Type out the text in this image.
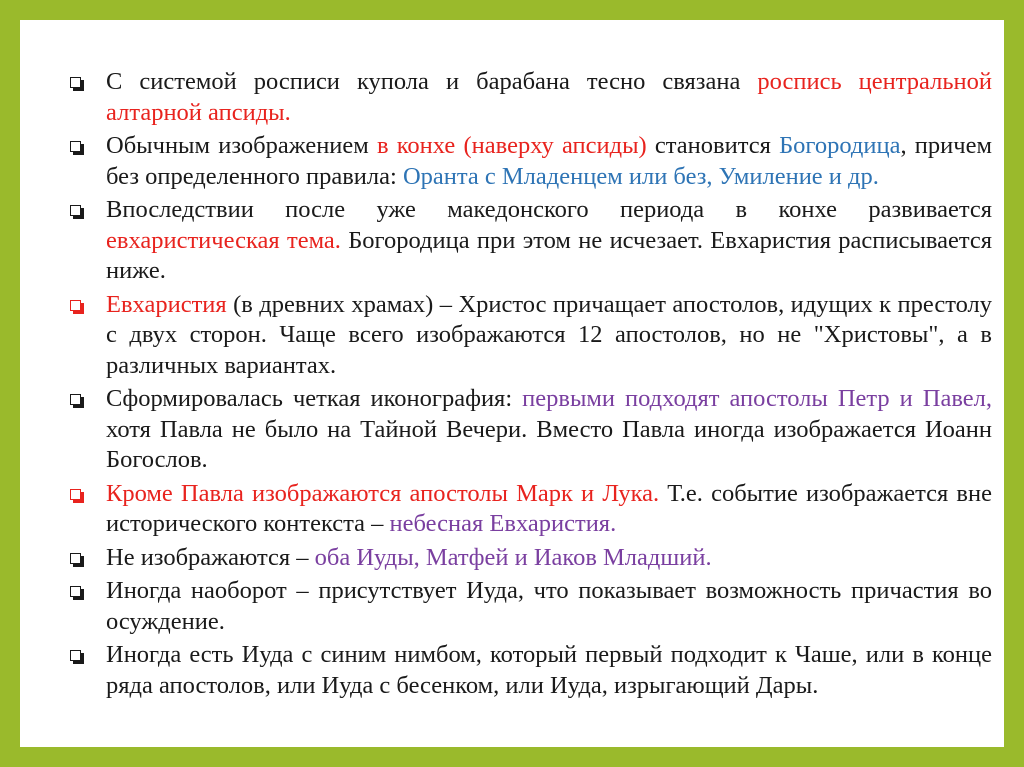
С системой росписи купола и барабана тесно связана роспись центральной алтарной апсиды.
Обычным изображением в конхе (наверху апсиды) становится Богородица, причем без определенного правила: Оранта с Младенцем или без, Умиление и др.
Впоследствии после уже македонского периода в конхе развивается евхаристическая тема. Богородица при этом не исчезает. Евхаристия расписывается ниже.
Евхаристия (в древних храмах) – Христос причащает апостолов, идущих к престолу с двух сторон. Чаще всего изображаются 12 апостолов, но не "Христовы", а в различных вариантах.
Сформировалась четкая иконография: первыми подходят апостолы Петр и Павел, хотя Павла не было на Тайной Вечери. Вместо Павла иногда изображается Иоанн Богослов.
Кроме Павла изображаются апостолы Марк и Лука. Т.е. событие изображается вне исторического контекста – небесная Евхаристия.
Не изображаются – оба Иуды, Матфей и Иаков Младший.
Иногда наоборот – присутствует Иуда, что показывает возможность причастия во осуждение.
Иногда есть Иуда с синим нимбом, который первый подходит к Чаше, или в конце ряда апостолов, или Иуда с бесенком, или Иуда, изрыгающий Дары.
